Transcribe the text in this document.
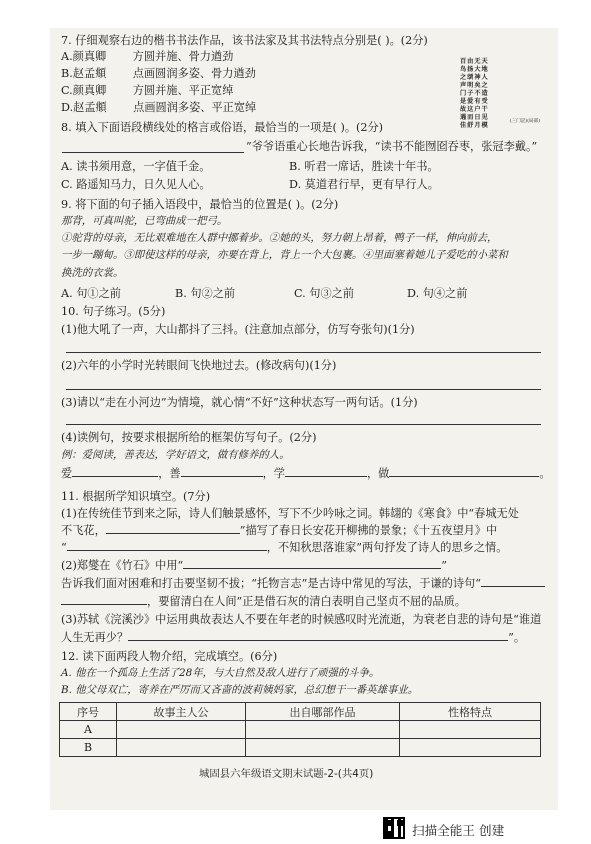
7. 仔细观察右边的楷书书法作品，该书法家及其书法特点分别是( )。(2分)
A.颜真卿 方圆并施、骨力遒劲
B.赵孟頫 点画圆润多姿、骨力遒劲
C.颜真卿 方圆并施、平正宽绰
D.赵孟頫 点画圆润多姿、平正宽绰
百由无天
鸟扬大地
之颂神人
声明矣之
门子不造
是爱有受
故这户干
遇而日见
佳舒月模
(三门記)(局部)
8. 填入下面语段横线处的格言或俗语，最恰当的一项是( )。(2分)
”爷爷语重心长地告诉我，“读书不能囫囵吞枣，张冠李戴。”
A. 读书须用意，一字值千金。	B. 听君一席话，胜读十年书。
C. 路遥知马力，日久见人心。	D. 莫道君行早，更有早行人。
9. 将下面的句子插入语段中，最恰当的位置是( )。(2分)
那背，可真叫驼，已弯曲成一把弓。
①驼背的母亲，无比艰难地在人群中挪着步。②她的头，努力朝上昂着，鸭子一样，伸向前去，
一步一蹦甸。③即使这样的母亲，亦要在背上，背上一个大包裹。④里面塞着她儿子爱吃的小菜和
换洗的衣裳。
A. 句①之前	B. 句②之前	C. 句③之前	D. 句④之前
10. 句子练习。(5分)
(1)他大吼了一声，大山都抖了三抖。(注意加点部分，仿写夸张句)(1分)
(2)六年的小学时光转眼间飞快地过去。(修改病句)(1分)
(3)请以“走在小河边”为情境，就心情“不好”这种状态写一两句话。(1分)
(4)读例句，按要求根据所给的框架仿写句子。(2分)
例：爱阅读，善表达，学好语文，做有修养的人。
爱	，善	，学	，做	。
11. 根据所学知识填空。(7分)
(1)在传统佳节到来之际，诗人们触景感怀，写下不少吟咏之词。韩翃的《寒食》中“春城无处
不飞花，	”描写了春日长安花开柳拂的景象；《十五夜望月》中
“	，不知秋思落谁家”两句抒发了诗人的思乡之情。
(2)郑燮在《竹石》中用“	”
告诉我们面对困难和打击要坚韧不拔；“托物言志”是古诗中常见的写法，于谦的诗句“
，要留清白在人间”正是借石灰的清白表明自己坚贞不屈的品质。
(3)苏轼《浣溪沙》中运用典故表达人不要在年老的时候感叹时光流逝，为衰老自悲的诗句是“谁道
人生无再少？	”。
12. 读下面两段人物介绍，完成填空。(6分)
A. 他在一个孤岛上生活了28年，与大自然及敌人进行了顽强的斗争。
B. 他父母双亡，寄养在严厉而又吝啬的波莉姨妈家，总幻想干一番英雄事业。
序号	故事主人公	出自哪部作品	性格特点
A			
B			
城固县六年级语文期末试题-2-(共4页)
扫描全能王 创建
